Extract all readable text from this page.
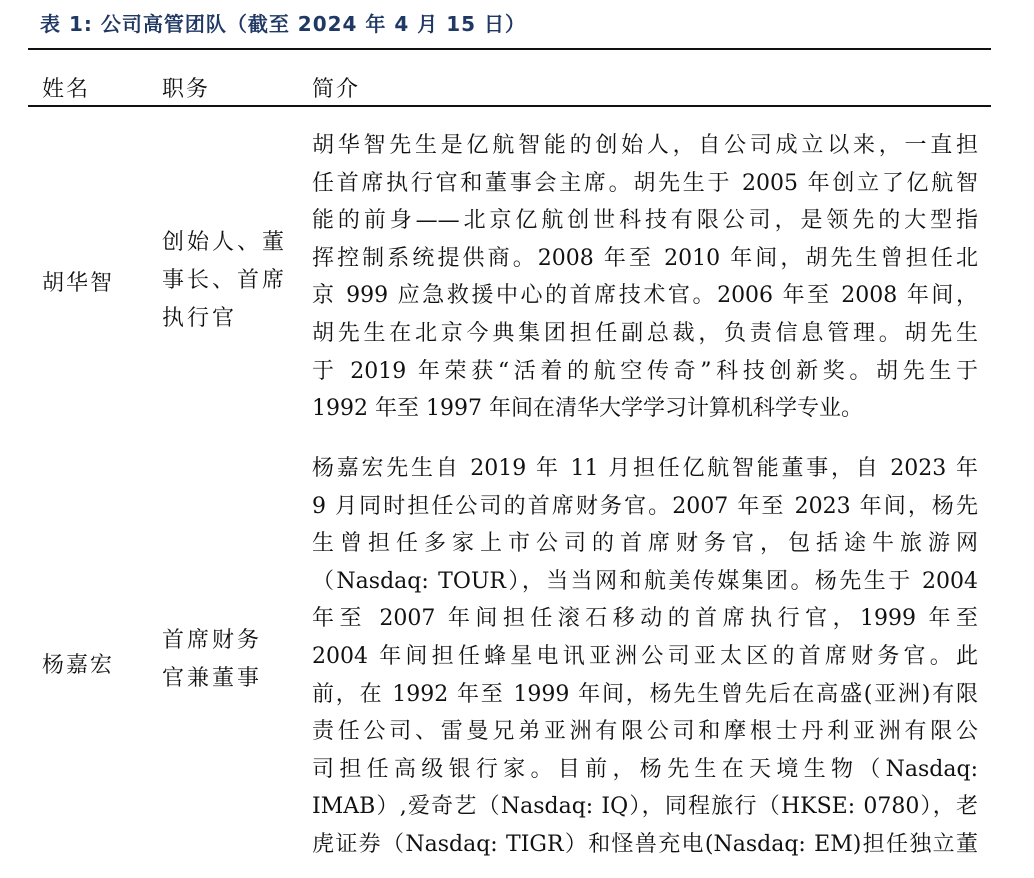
表 1: 公司高管团队（截至 2024 年 4 月 15 日）
姓名	职务	简介
胡华智
创始人、董
事长、首席
执行官
胡华智先生是亿航智能的创始人，自公司成立以来，一直担
任首席执行官和董事会主席。胡先生于 2005 年创立了亿航智
能的前身——北京亿航创世科技有限公司，是领先的大型指
挥控制系统提供商。2008 年至 2010 年间，胡先生曾担任北
京 999 应急救援中心的首席技术官。2006 年至 2008 年间，
胡先生在北京今典集团担任副总裁，负责信息管理。胡先生
于 2019 年荣获“活着的航空传奇”科技创新奖。胡先生于
1992 年至 1997 年间在清华大学学习计算机科学专业。
杨嘉宏
首席财务
官兼董事
杨嘉宏先生自 2019 年 11 月担任亿航智能董事，自 2023 年
9 月同时担任公司的首席财务官。2007 年至 2023 年间，杨先
生曾担任多家上市公司的首席财务官，包括途牛旅游网
（Nasdaq: TOUR），当当网和航美传媒集团。杨先生于 2004
年至 2007 年间担任滚石移动的首席执行官，1999 年至
2004 年间担任蜂星电讯亚洲公司亚太区的首席财务官。此
前，在 1992 年至 1999 年间，杨先生曾先后在高盛(亚洲)有限
责任公司、雷曼兄弟亚洲有限公司和摩根士丹利亚洲有限公
司担任高级银行家。目前，杨先生在天境生物（Nasdaq:
IMAB）,爱奇艺（Nasdaq: IQ），同程旅行（HKSE: 0780），老
虎证券（Nasdaq: TIGR）和怪兽充电(Nasdaq: EM)担任独立董
